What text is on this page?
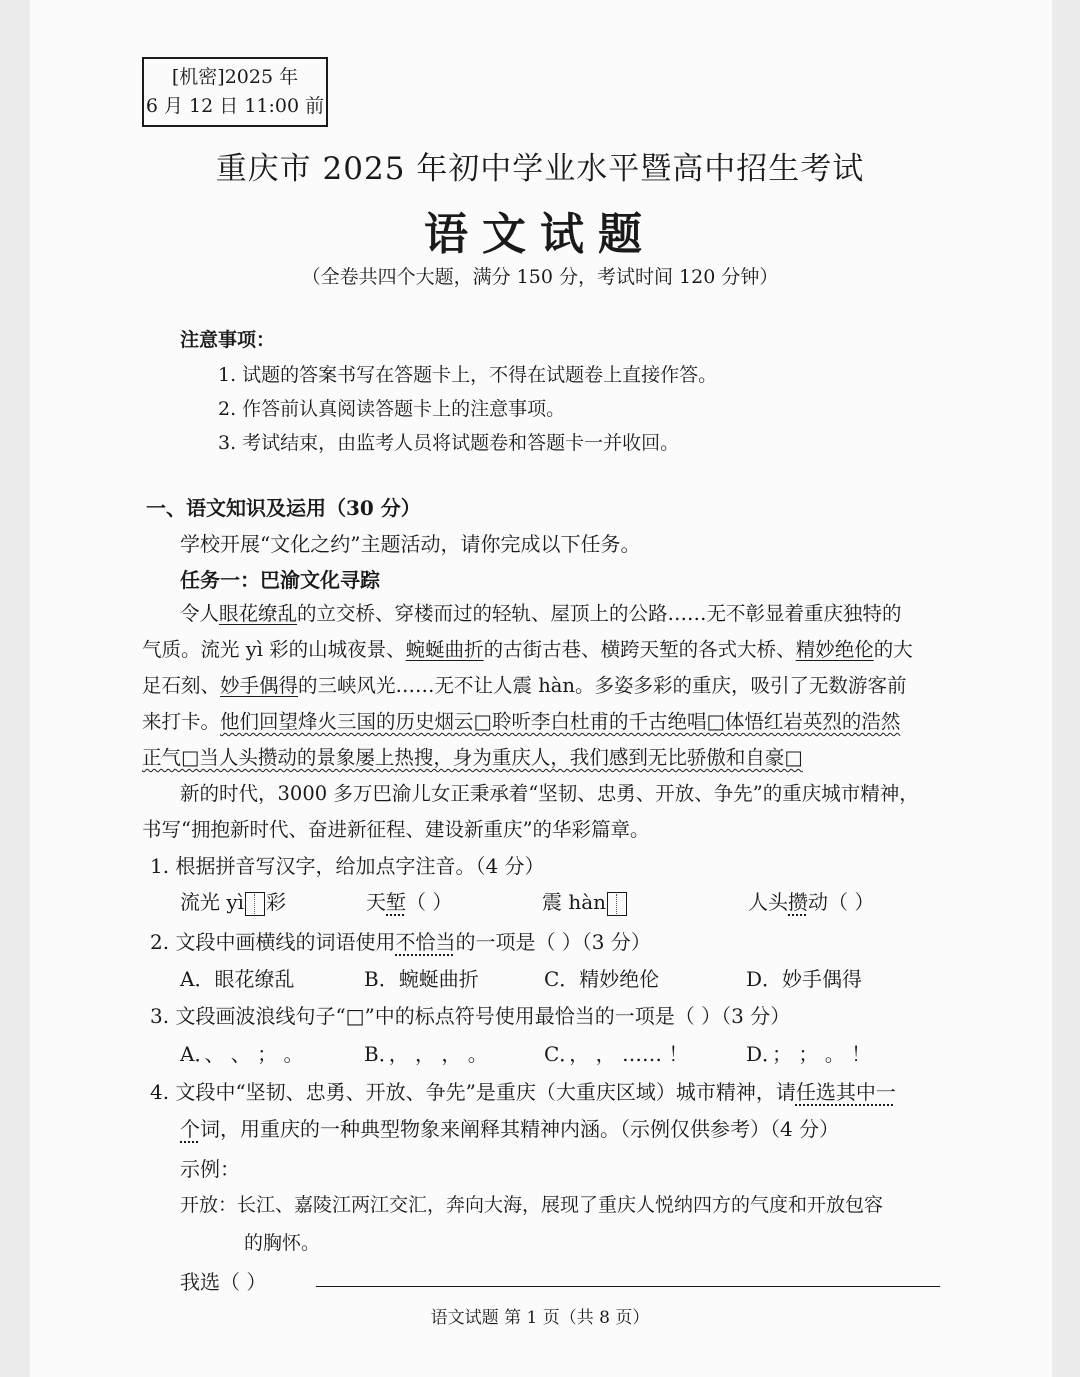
[机密]2025 年
6 月 12 日 11:00 前
重庆市 2025 年初中学业水平暨高中招生考试
语文试题
（全卷共四个大题，满分 150 分，考试时间 120 分钟）
注意事项：
1. 试题的答案书写在答题卡上，不得在试题卷上直接作答。
2. 作答前认真阅读答题卡上的注意事项。
3. 考试结束，由监考人员将试题卷和答题卡一并收回。
一、语文知识及运用（30 分）
学校开展“文化之约”主题活动，请你完成以下任务。
任务一：巴渝文化寻踪
令人眼花缭乱的立交桥、穿楼而过的轻轨、屋顶上的公路……无不彰显着重庆独特的
气质。流光 yì 彩的山城夜景、蜿蜒曲折的古街古巷、横跨天堑的各式大桥、精妙绝伦的大
足石刻、妙手偶得的三峡风光……无不让人震 hàn。多姿多彩的重庆，吸引了无数游客前
来打卡。他们回望烽火三国的历史烟云□聆听李白杜甫的千古绝唱□体悟红岩英烈的浩然
正气□当人头攒动的景象屡上热搜，身为重庆人，我们感到无比骄傲和自豪□
新的时代，3000 多万巴渝儿女正秉承着“坚韧、忠勇、开放、争先”的重庆城市精神，
书写“拥抱新时代、奋进新征程、建设新重庆”的华彩篇章。
1. 根据拼音写汉字，给加点字注音。（4 分）
流光 yì 彩	天堑（ ）	震 hàn	人头攒动（ ）
2. 文段中画横线的词语使用不恰当的一项是（ ）（3 分）
A．眼花缭乱	B．蜿蜒曲折	C．精妙绝伦	D．妙手偶得
3. 文段画波浪线句子“□”中的标点符号使用最恰当的一项是（ ）（3 分）
A．、 、 ； 。	B．， ， ， 。	C．， ， …… ！	D．； ； 。 ！
4. 文段中“坚韧、忠勇、开放、争先”是重庆（大重庆区域）城市精神，请任选其中一
个词，用重庆的一种典型物象来阐释其精神内涵。（示例仅供参考）（4 分）
示例：
开放：长江、嘉陵江两江交汇，奔向大海，展现了重庆人悦纳四方的气度和开放包容
的胸怀。
我选（ ）
语文试题 第 1 页（共 8 页）
